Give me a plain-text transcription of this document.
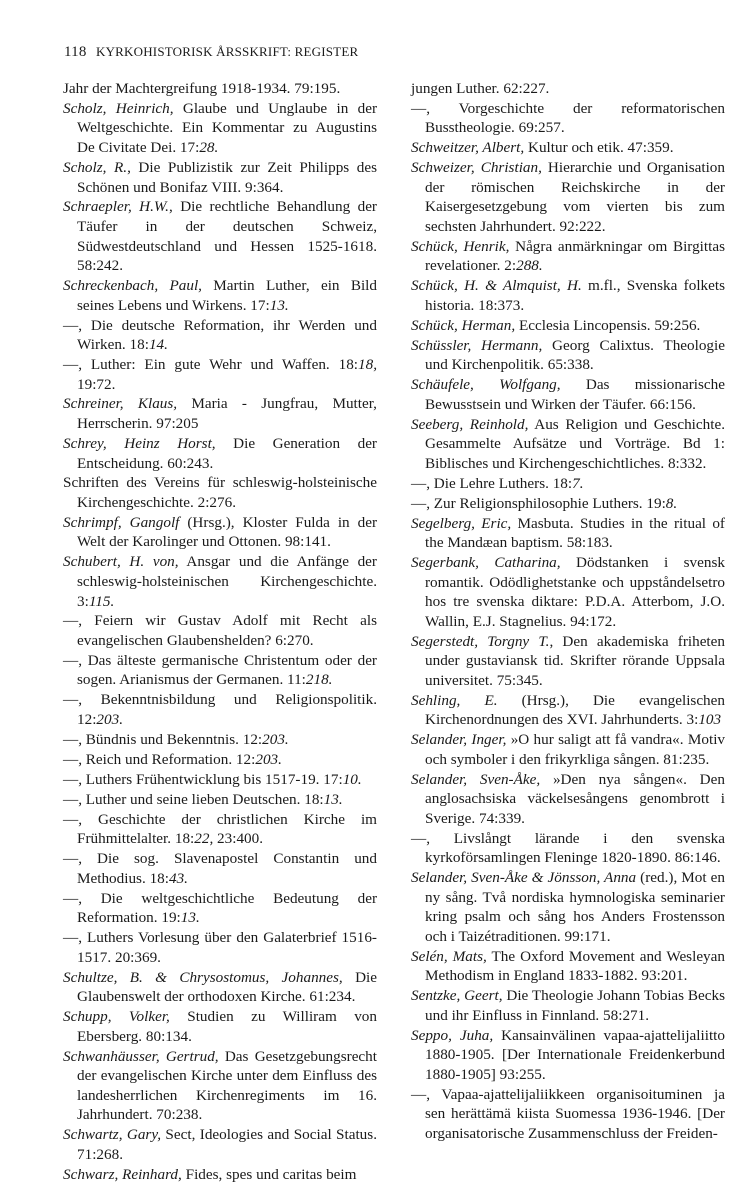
118 KYRKOHISTORISK ÅRSSKRIFT: REGISTER

Jahr der Machtergreifung 1918-1934. 79:195.

Scholz, Heinrich, Glaube und Unglaube in der Weltgeschichte. Ein Kommentar zu Augustins De Civitate Dei. 17:28.

Scholz, R., Die Publizistik zur Zeit Philipps des Schönen und Bonifaz VIII. 9:364.

Schraepler, H.W., Die rechtliche Behandlung der Täufer in der deutschen Schweiz, Südwestdeutschland und Hessen 1525-1618. 58:242.

Schreckenbach, Paul, Martin Luther, ein Bild seines Lebens und Wirkens. 17:13.

—, Die deutsche Reformation, ihr Werden und Wirken. 18:14.

—, Luther: Ein gute Wehr und Waffen. 18:18, 19:72.

Schreiner, Klaus, Maria - Jungfrau, Mutter, Herrscherin. 97:205

Schrey, Heinz Horst, Die Generation der Entscheidung. 60:243.

Schriften des Vereins für schleswig-holsteinische Kirchengeschichte. 2:276.

Schrimpf, Gangolf (Hrsg.), Kloster Fulda in der Welt der Karolinger und Ottonen. 98:141.

Schubert, H. von, Ansgar und die Anfänge der schleswig-holsteinischen Kirchengeschichte. 3:115.

—, Feiern wir Gustav Adolf mit Recht als evangelischen Glaubenshelden? 6:270.

—, Das älteste germanische Christentum oder der sogen. Arianismus der Germanen. 11:218.

—, Bekenntnisbildung und Religionspolitik. 12:203.

—, Bündnis und Bekenntnis. 12:203.

—, Reich und Reformation. 12:203.

—, Luthers Frühentwicklung bis 1517-19. 17:10.

—, Luther und seine lieben Deutschen. 18:13.

—, Geschichte der christlichen Kirche im Frühmittelalter. 18:22, 23:400.

—, Die sog. Slavenapostel Constantin und Methodius. 18:43.

—, Die weltgeschichtliche Bedeutung der Reformation. 19:13.

—, Luthers Vorlesung über den Galaterbrief 1516-1517. 20:369.

Schultze, B. & Chrysostomus, Johannes, Die Glaubenswelt der orthodoxen Kirche. 61:234.

Schupp, Volker, Studien zu Williram von Ebersberg. 80:134.

Schwanhäusser, Gertrud, Das Gesetzgebungsrecht der evangelischen Kirche unter dem Einfluss des landesherrlichen Kirchenregiments im 16. Jahrhundert. 70:238.

Schwartz, Gary, Sect, Ideologies and Social Status. 71:268.

Schwarz, Reinhard, Fides, spes und caritas beim

jungen Luther. 62:227.

—, Vorgeschichte der reformatorischen Busstheologie. 69:257.

Schweitzer, Albert, Kultur och etik. 47:359.

Schweizer, Christian, Hierarchie und Organisation der römischen Reichskirche in der Kaisergesetzgebung vom vierten bis zum sechsten Jahrhundert. 92:222.

Schück, Henrik, Några anmärkningar om Birgittas revelationer. 2:288.

Schück, H. & Almquist, H. m.fl., Svenska folkets historia. 18:373.

Schück, Herman, Ecclesia Lincopensis. 59:256.

Schüssler, Hermann, Georg Calixtus. Theologie und Kirchenpolitik. 65:338.

Schäufele, Wolfgang, Das missionarische Bewusstsein und Wirken der Täufer. 66:156.

Seeberg, Reinhold, Aus Religion und Geschichte. Gesammelte Aufsätze und Vorträge. Bd 1: Biblisches und Kirchengeschichtliches. 8:332.

—, Die Lehre Luthers. 18:7.

—, Zur Religionsphilosophie Luthers. 19:8.

Segelberg, Eric, Masbuta. Studies in the ritual of the Mandæan baptism. 58:183.

Segerbank, Catharina, Dödstanken i svensk romantik. Odödlighetstanke och uppståndelsetro hos tre svenska diktare: P.D.A. Atterbom, J.O. Wallin, E.J. Stagnelius. 94:172.

Segerstedt, Torgny T., Den akademiska friheten under gustaviansk tid. Skrifter rörande Uppsala universitet. 75:345.

Sehling, E. (Hrsg.), Die evangelischen Kirchenordnungen des XVI. Jahrhunderts. 3:103

Selander, Inger, »O hur saligt att få vandra«. Motiv och symboler i den frikyrkliga sången. 81:235.

Selander, Sven-Åke, »Den nya sången«. Den anglosachsiska väckelsesångens genombrott i Sverige. 74:339.

—, Livslångt lärande i den svenska kyrkoförsamlingen Fleninge 1820-1890. 86:146.

Selander, Sven-Åke & Jönsson, Anna (red.), Mot en ny sång. Två nordiska hymnologiska seminarier kring psalm och sång hos Anders Frostensson och i Taizétraditionen. 99:171.

Selén, Mats, The Oxford Movement and Wesleyan Methodism in England 1833-1882. 93:201.

Sentzke, Geert, Die Theologie Johann Tobias Becks und ihr Einfluss in Finnland. 58:271.

Seppo, Juha, Kansainvälinen vapaa-ajattelijaliitto 1880-1905. [Der Internationale Freidenkerbund 1880-1905] 93:255.

—, Vapaa-ajattelijaliikkeen organisoituminen ja sen herättämä kiista Suomessa 1936-1946. [Der organisatorische Zusammenschluss der Freiden-
